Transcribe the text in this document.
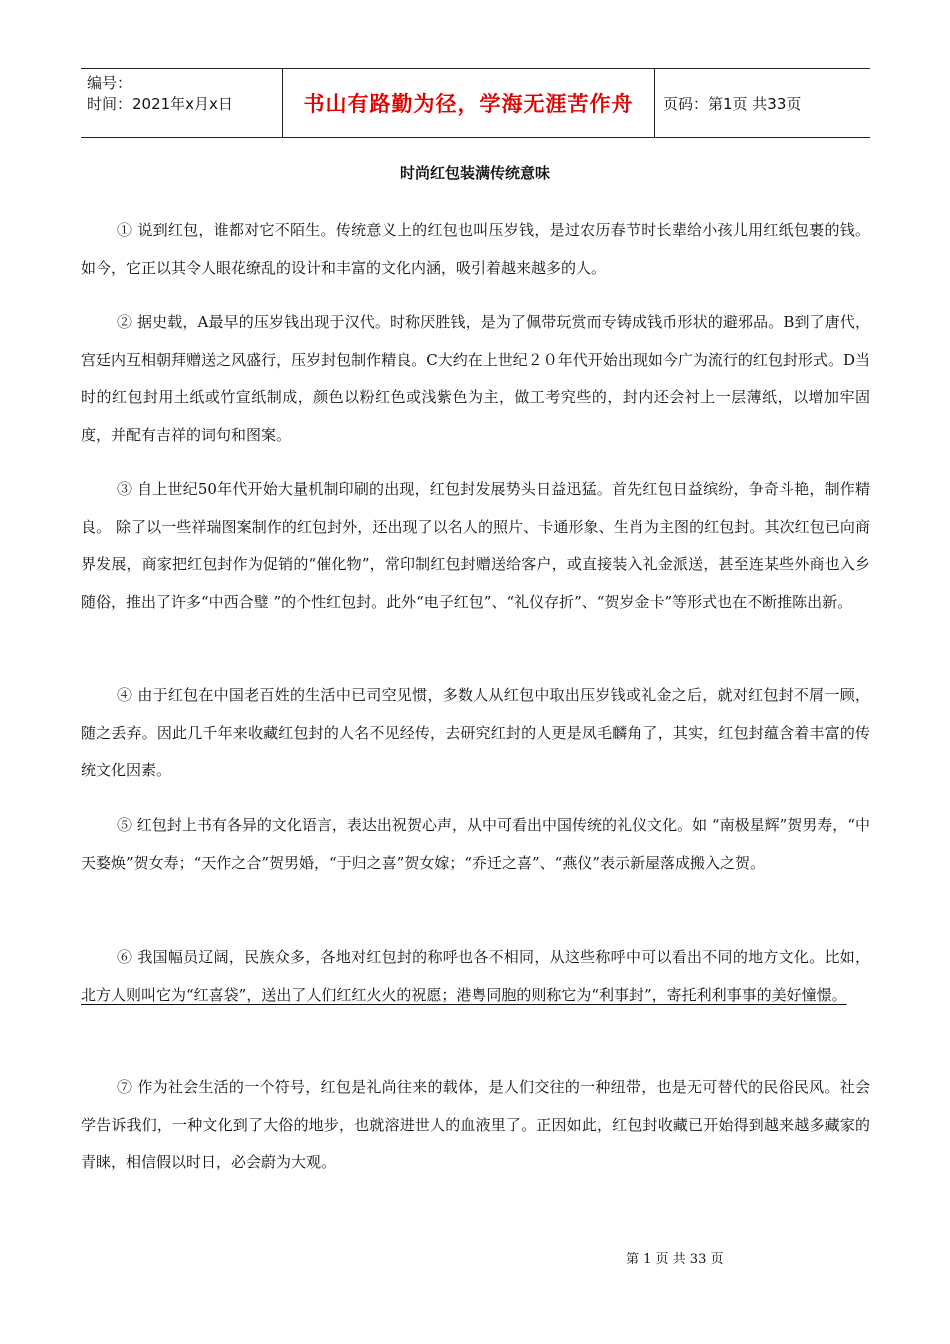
编号：
时间：2021年x月x日	书山有路勤为径，学海无涯苦作舟 页码：第1页 共33页
时尚红包装满传统意味

① 说到红包，谁都对它不陌生。传统意义上的红包也叫压岁钱，是过农历春节时长辈给小孩儿用红纸包裹的钱。如今，它正以其令人眼花缭乱的设计和丰富的文化内涵，吸引着越来越多的人。

② 据史载，A最早的压岁钱出现于汉代。时称厌胜钱，是为了佩带玩赏而专铸成钱币形状的避邪品。B到了唐代，宫廷内互相朝拜赠送之风盛行，压岁封包制作精良。C大约在上世纪２０年代开始出现如今广为流行的红包封形式。D当时的红包封用土纸或竹宣纸制成，颜色以粉红色或浅紫色为主，做工考究些的，封内还会衬上一层薄纸，以增加牢固度，并配有吉祥的词句和图案。

③ 自上世纪50年代开始大量机制印刷的出现，红包封发展势头日益迅猛。首先红包日益缤纷，争奇斗艳，制作精良。 除了以一些祥瑞图案制作的红包封外，还出现了以名人的照片、卡通形象、生肖为主图的红包封。其次红包已向商界发展，商家把红包封作为促销的“催化物”，常印制红包封赠送给客户，或直接装入礼金派送，甚至连某些外商也入乡随俗，推出了许多“中西合璧 ”的个性红包封。此外“电子红包”、“礼仪存折”、“贺岁金卡”等形式也在不断推陈出新。

④ 由于红包在中国老百姓的生活中已司空见惯，多数人从红包中取出压岁钱或礼金之后，就对红包封不屑一顾，随之丢弃。因此几千年来收藏红包封的人名不见经传，去研究红封的人更是凤毛麟角了，其实，红包封蕴含着丰富的传统文化因素。

⑤ 红包封上书有各异的文化语言，表达出祝贺心声，从中可看出中国传统的礼仪文化。如 “南极星辉”贺男寿，“中天婺焕”贺女寿；“天作之合”贺男婚，“于归之喜”贺女嫁；“乔迁之喜”、“燕仪”表示新屋落成搬入之贺。

⑥ 我国幅员辽阔，民族众多，各地对红包封的称呼也各不相同，从这些称呼中可以看出不同的地方文化。比如，北方人则叫它为“红喜袋”，送出了人们红红火火的祝愿；港粤同胞的则称它为“利事封”，寄托利利事事的美好憧憬。

⑦ 作为社会生活的一个符号，红包是礼尚往来的载体，是人们交往的一种纽带，也是无可替代的民俗民风。社会学告诉我们，一种文化到了大俗的地步，也就溶进世人的血液里了。正因如此，红包封收藏已开始得到越来越多藏家的青睐，相信假以时日，必会蔚为大观。

第 1 页 共 33 页
